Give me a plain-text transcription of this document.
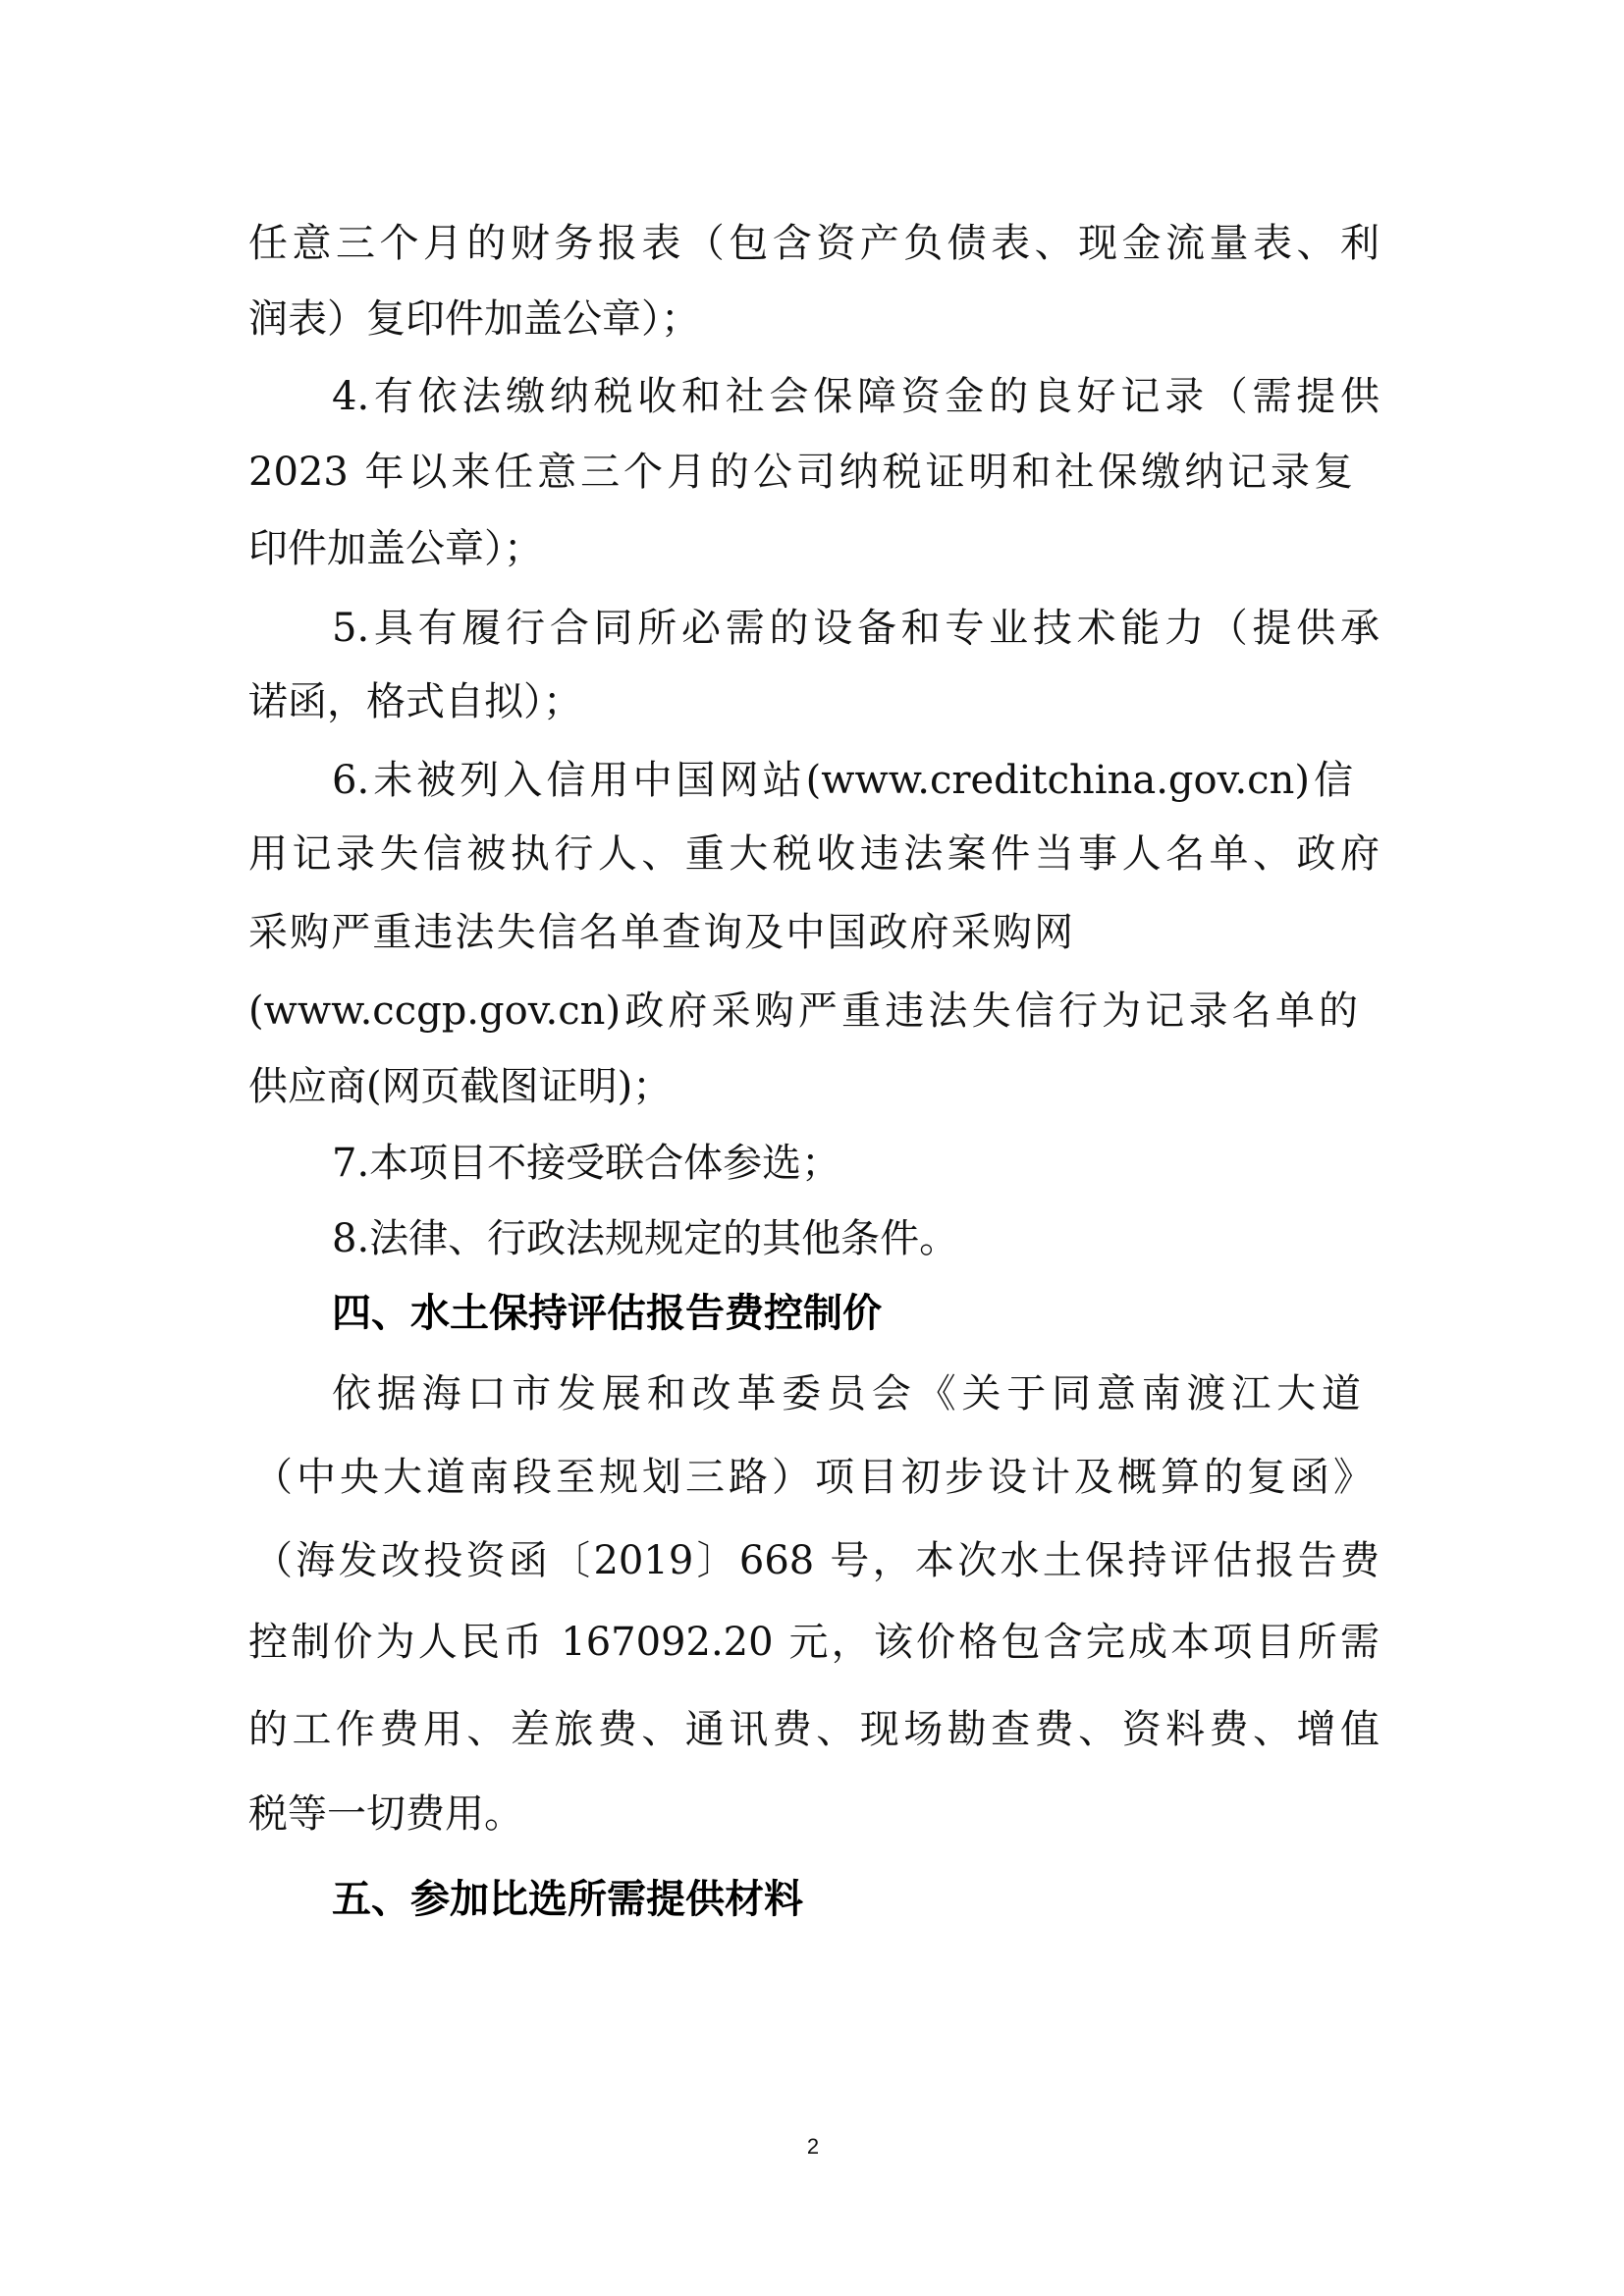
任意三个月的财务报表（包含资产负债表、现金流量表、利
润表）复印件加盖公章）；
4.有依法缴纳税收和社会保障资金的良好记录（需提供
2023 年以来任意三个月的公司纳税证明和社保缴纳记录复
印件加盖公章）；
5.具有履行合同所必需的设备和专业技术能力（提供承
诺函，格式自拟）；
6.未被列入信用中国网站(www.creditchina.gov.cn)信
用记录失信被执行人、重大税收违法案件当事人名单、政府
采购严重违法失信名单查询及中国政府采购网
(www.ccgp.gov.cn)政府采购严重违法失信行为记录名单的
供应商(网页截图证明)；
7.本项目不接受联合体参选；
8.法律、行政法规规定的其他条件。
四、水土保持评估报告费控制价
依据海口市发展和改革委员会《关于同意南渡江大道
（中央大道南段至规划三路）项目初步设计及概算的复函》
（海发改投资函〔2019〕668 号，本次水土保持评估报告费
控制价为人民币 167092.20 元，该价格包含完成本项目所需
的工作费用、差旅费、通讯费、现场勘查费、资料费、增值
税等一切费用。
五、参加比选所需提供材料
2
